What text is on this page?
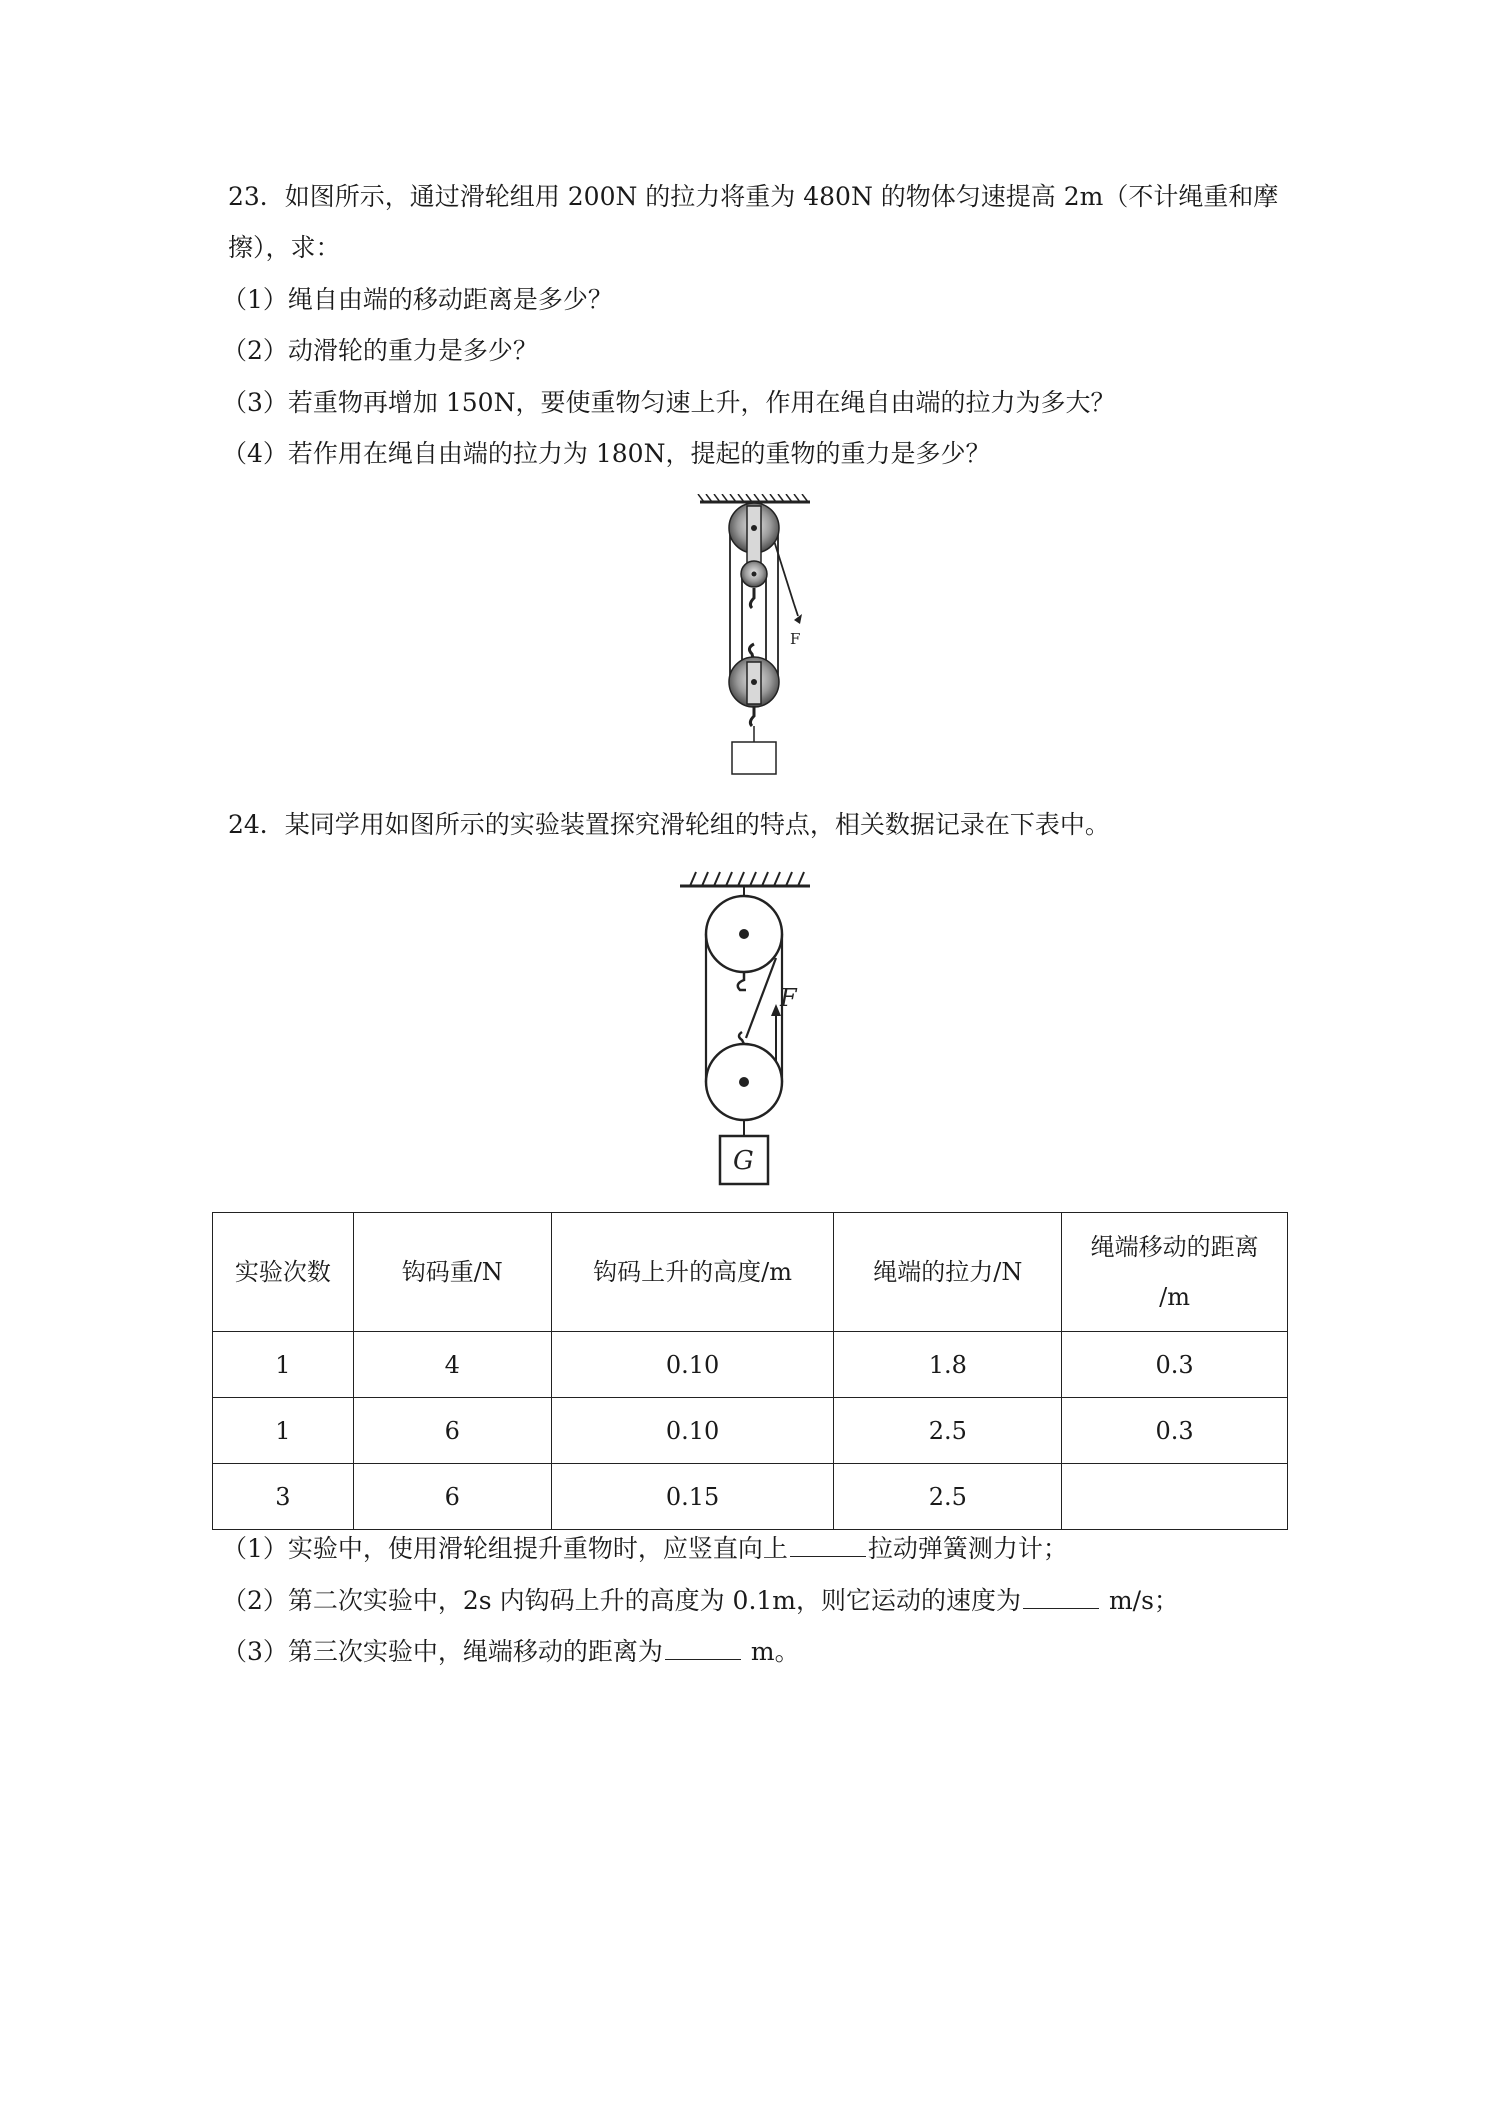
23．如图所示，通过滑轮组用 200N 的拉力将重为 480N 的物体匀速提高 2m（不计绳重和摩
擦），求：
（1）绳自由端的移动距离是多少？
（2）动滑轮的重力是多少？
（3）若重物再增加 150N，要使重物匀速上升，作用在绳自由端的拉力为多大？
（4）若作用在绳自由端的拉力为 180N，提起的重物的重力是多少？
F
24．某同学用如图所示的实验装置探究滑轮组的特点，相关数据记录在下表中。
F
G
实验次数	钩码重/N	钩码上升的高度/m	绳端的拉力/N	绳端移动的距离
/m
1	4	0.10	1.8	0.3
1	6	0.10	2.5	0.3
3	6	0.15	2.5	
（1）实验中，使用滑轮组提升重物时，应竖直向上	拉动弹簧测力计；
（2）第二次实验中，2s 内钩码上升的高度为 0.1m，则它运动的速度为	m/s；
（3）第三次实验中，绳端移动的距离为	m。
